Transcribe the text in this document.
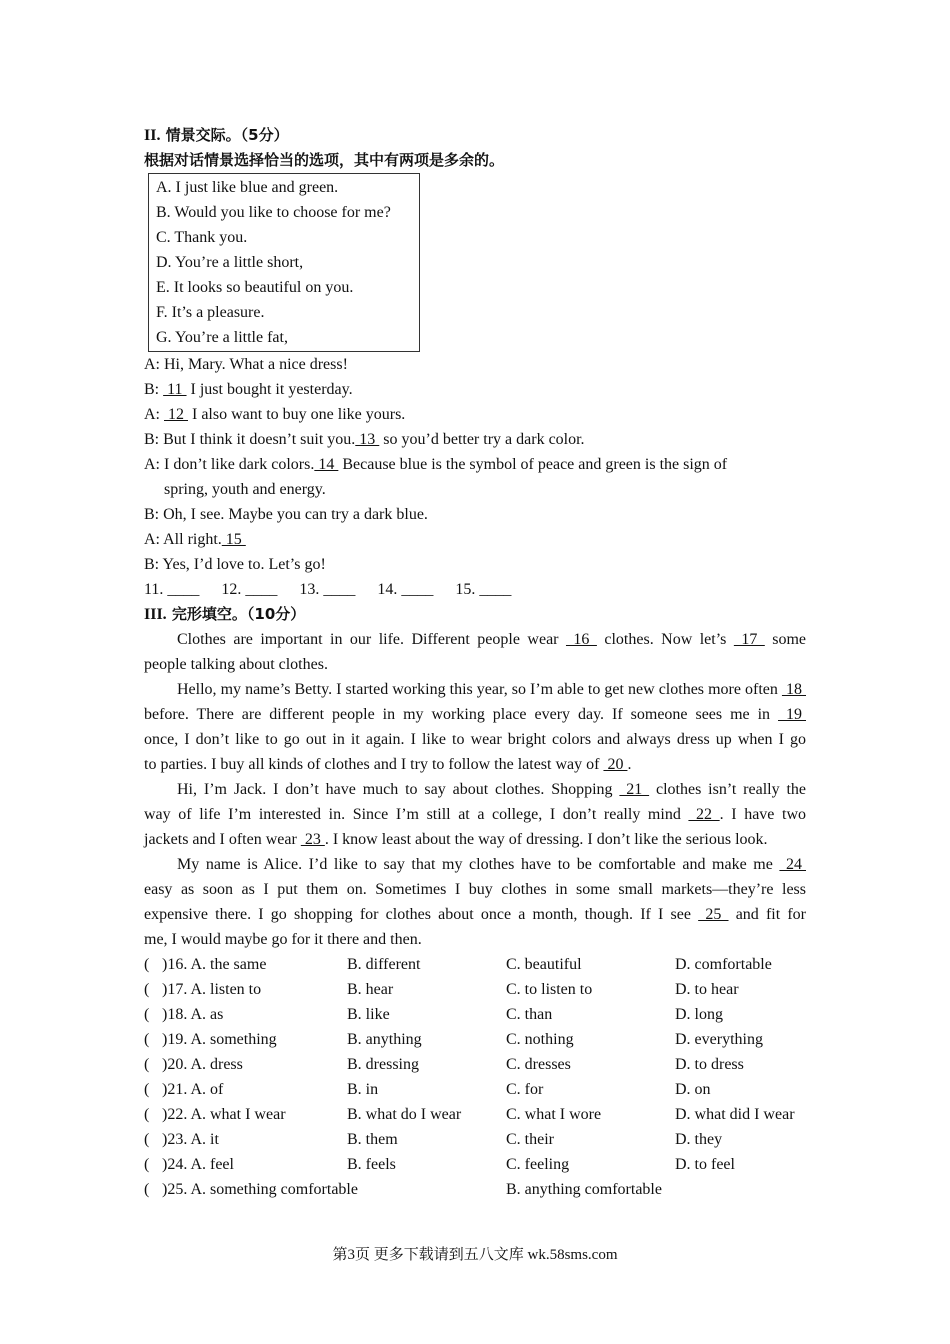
II. 情景交际。（5分）
根据对话情景选择恰当的选项，其中有两项是多余的。
A. I just like blue and green.
B. Would you like to choose for me?
C. Thank you.
D. You’re a little short,
E. It looks so beautiful on you.
F. It’s a pleasure.
G. You’re a little fat,
A: Hi, Mary. What a nice dress!
B:  11  I just bought it yesterday.
A:  12  I also want to buy one like yours.
B: But I think it doesn’t suit you. 13  so you’d better try a dark color.
A: I don’t like dark colors. 14  Because blue is the symbol of peace and green is the sign of
spring, youth and energy.
B: Oh, I see. Maybe you can try a dark blue.
A: All right. 15
B: Yes, I’d love to. Let’s go!
11. ____ 12. ____ 13. ____ 14. ____ 15. ____
III. 完形填空。（10分）
Clothes are important in our life. Different people wear  16  clothes. Now let’s  17  some
people talking about clothes.
Hello, my name’s Betty. I started working this year, so I’m able to get new clothes more often  18
before. There are different people in my working place every day. If someone sees me in  19
once, I don’t like to go out in it again. I like to wear bright colors and always dress up when I go
to parties. I buy all kinds of clothes and I try to follow the latest way of  20 .
Hi, I’m Jack. I don’t have much to say about clothes. Shopping  21  clothes isn’t really the
way of life I’m interested in. Since I’m still at a college, I don’t really mind  22 . I have two
jackets and I often wear  23 . I know least about the way of dressing. I don’t like the serious look.
My name is Alice. I’d like to say that my clothes have to be comfortable and make me  24
easy as soon as I put them on. Sometimes I buy clothes in some small markets—they’re less
expensive there. I go shopping for clothes about once a month, though. If I see  25  and fit for
me, I would maybe go for it there and then.
( )16. A. the same	B. different	C. beautiful	D. comfortable
( )17. A. listen to	B. hear	C. to listen to	D. to hear
( )18. A. as	B. like	C. than	D. long
( )19. A. something	B. anything	C. nothing	D. everything
( )20. A. dress	B. dressing	C. dresses	D. to dress
( )21. A. of	B. in	C. for	D. on
( )22. A. what I wear	B. what do I wear	C. what I wore	D. what did I wear
( )23. A. it	B. them	C. their	D. they
( )24. A. feel	B. feels	C. feeling	D. to feel
( )25. A. something comfortable	B. anything comfortable
第3页 更多下载请到五八文库 wk.58sms.com
